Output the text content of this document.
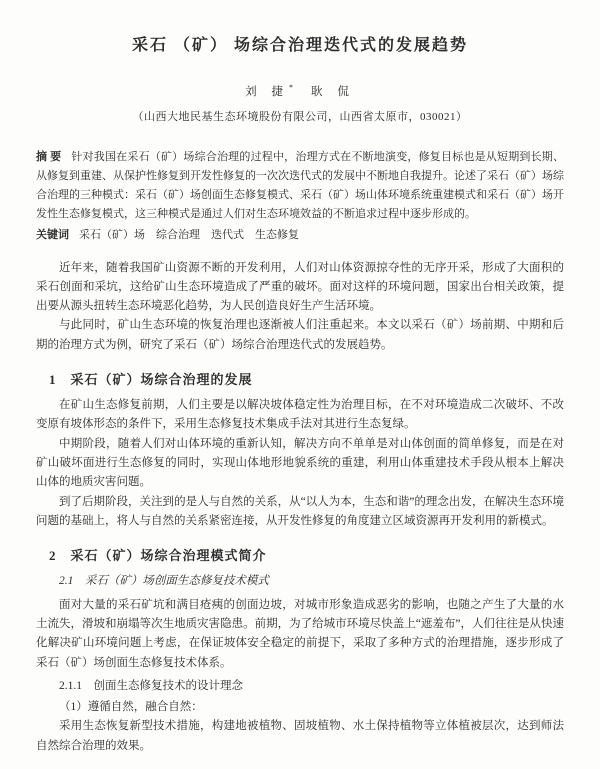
采石 （矿） 场综合治理迭代式的发展趋势
刘 捷* 耿 侃
（山西大地民基生态环境股份有限公司，山西省太原市，030021）
摘 要 针对我国在采石（矿）场综合治理的过程中，治理方式在不断地演变，修复目标也是从短期到长期、从修复到重建、从保护性修复到开发性修复的一次次迭代式的发展中不断地自我提升。论述了采石（矿）场综合治理的三种模式：采石（矿）场创面生态修复模式、采石（矿）场山体环境系统重建模式和采石（矿）场开发性生态修复模式，这三种模式是通过人们对生态环境效益的不断追求过程中逐步形成的。
关键词 采石（矿）场　综合治理　迭代式　生态修复

近年来，随着我国矿山资源不断的开发利用，人们对山体资源掠夺性的无序开采，形成了大面积的采石创面和采坑，这给矿山生态环境造成了严重的破坏。面对这样的环境问题，国家出台相关政策，提出要从源头扭转生态环境恶化趋势，为人民创造良好生产生活环境。

与此同时，矿山生态环境的恢复治理也逐渐被人们注重起来。本文以采石（矿）场前期、中期和后期的治理方式为例，研究了采石（矿）场综合治理迭代式的发展趋势。

1　采石（矿）场综合治理的发展

在矿山生态修复前期，人们主要是以解决坡体稳定性为治理目标，在不对环境造成二次破坏、不改变原有坡体形态的条件下，采用生态修复技术集成手法对其进行生态复绿。

中期阶段，随着人们对山体环境的重新认知，解决方向不单单是对山体创面的简单修复，而是在对矿山破坏面进行生态修复的同时，实现山体地形地貌系统的重建，利用山体重建技术手段从根本上解决山体的地质灾害问题。

到了后期阶段，关注到的是人与自然的关系，从“以人为本，生态和谐”的理念出发，在解决生态环境问题的基础上，将人与自然的关系紧密连接，从开发性修复的角度建立区域资源再开发利用的新模式。

2　采石（矿）场综合治理模式简介
2.1　采石（矿）场创面生态修复技术模式

面对大量的采石矿坑和满目疮痍的创面边坡，对城市形象造成恶劣的影响，也随之产生了大量的水土流失，滑坡和崩塌等次生地质灾害隐患。前期，为了给城市环境尽快盖上“遮羞布”，人们往往是从快速化解决矿山环境问题上考虑，在保证坡体安全稳定的前提下，采取了多种方式的治理措施，逐步形成了采石（矿）场创面生态修复技术体系。

2.1.1　创面生态修复技术的设计理念

（1）遵循自然，融合自然：

采用生态恢复新型技术措施，构建地被植物、固坡植物、水土保持植物等立体植被层次，达到师法自然综合治理的效果。
